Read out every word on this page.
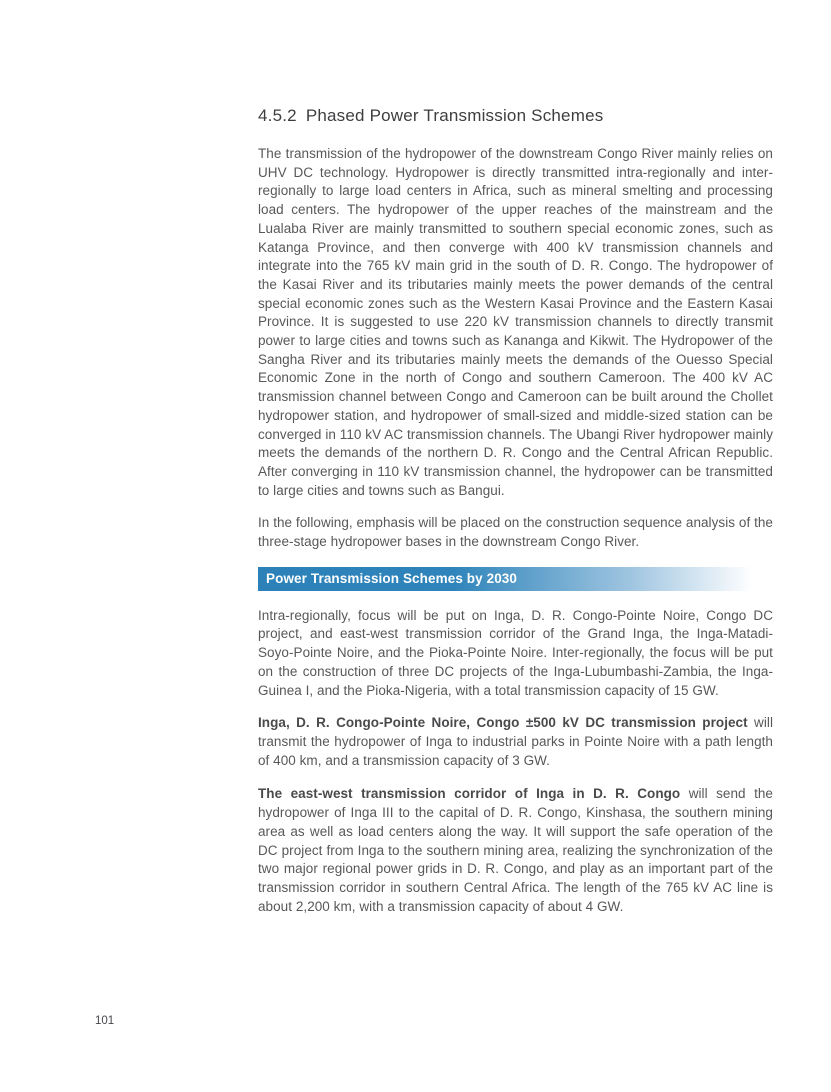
4.5.2 Phased Power Transmission Schemes

The transmission of the hydropower of the downstream Congo River mainly relies on UHV DC technology. Hydropower is directly transmitted intra-regionally and inter-regionally to large load centers in Africa, such as mineral smelting and processing load centers. The hydropower of the upper reaches of the mainstream and the Lualaba River are mainly transmitted to southern special economic zones, such as Katanga Province, and then converge with 400 kV transmission channels and integrate into the 765 kV main grid in the south of D. R. Congo. The hydropower of the Kasai River and its tributaries mainly meets the power demands of the central special economic zones such as the Western Kasai Province and the Eastern Kasai Province. It is suggested to use 220 kV transmission channels to directly transmit power to large cities and towns such as Kananga and Kikwit. The Hydropower of the Sangha River and its tributaries mainly meets the demands of the Ouesso Special Economic Zone in the north of Congo and southern Cameroon. The 400 kV AC transmission channel between Congo and Cameroon can be built around the Chollet hydropower station, and hydropower of small-sized and middle-sized station can be converged in 110 kV AC transmission channels. The Ubangi River hydropower mainly meets the demands of the northern D. R. Congo and the Central African Republic. After converging in 110 kV transmission channel, the hydropower can be transmitted to large cities and towns such as Bangui.

In the following, emphasis will be placed on the construction sequence analysis of the three-stage hydropower bases in the downstream Congo River.

Power Transmission Schemes by 2030

Intra-regionally, focus will be put on Inga, D. R. Congo-Pointe Noire, Congo DC project, and east-west transmission corridor of the Grand Inga, the Inga-Matadi-Soyo-Pointe Noire, and the Pioka-Pointe Noire. Inter-regionally, the focus will be put on the construction of three DC projects of the Inga-Lubumbashi-Zambia, the Inga-Guinea I, and the Pioka-Nigeria, with a total transmission capacity of 15 GW.

Inga, D. R. Congo-Pointe Noire, Congo ±500 kV DC transmission project will transmit the hydropower of Inga to industrial parks in Pointe Noire with a path length of 400 km, and a transmission capacity of 3 GW.

The east-west transmission corridor of Inga in D. R. Congo will send the hydropower of Inga III to the capital of D. R. Congo, Kinshasa, the southern mining area as well as load centers along the way. It will support the safe operation of the DC project from Inga to the southern mining area, realizing the synchronization of the two major regional power grids in D. R. Congo, and play as an important part of the transmission corridor in southern Central Africa. The length of the 765 kV AC line is about 2,200 km, with a transmission capacity of about 4 GW.

101
